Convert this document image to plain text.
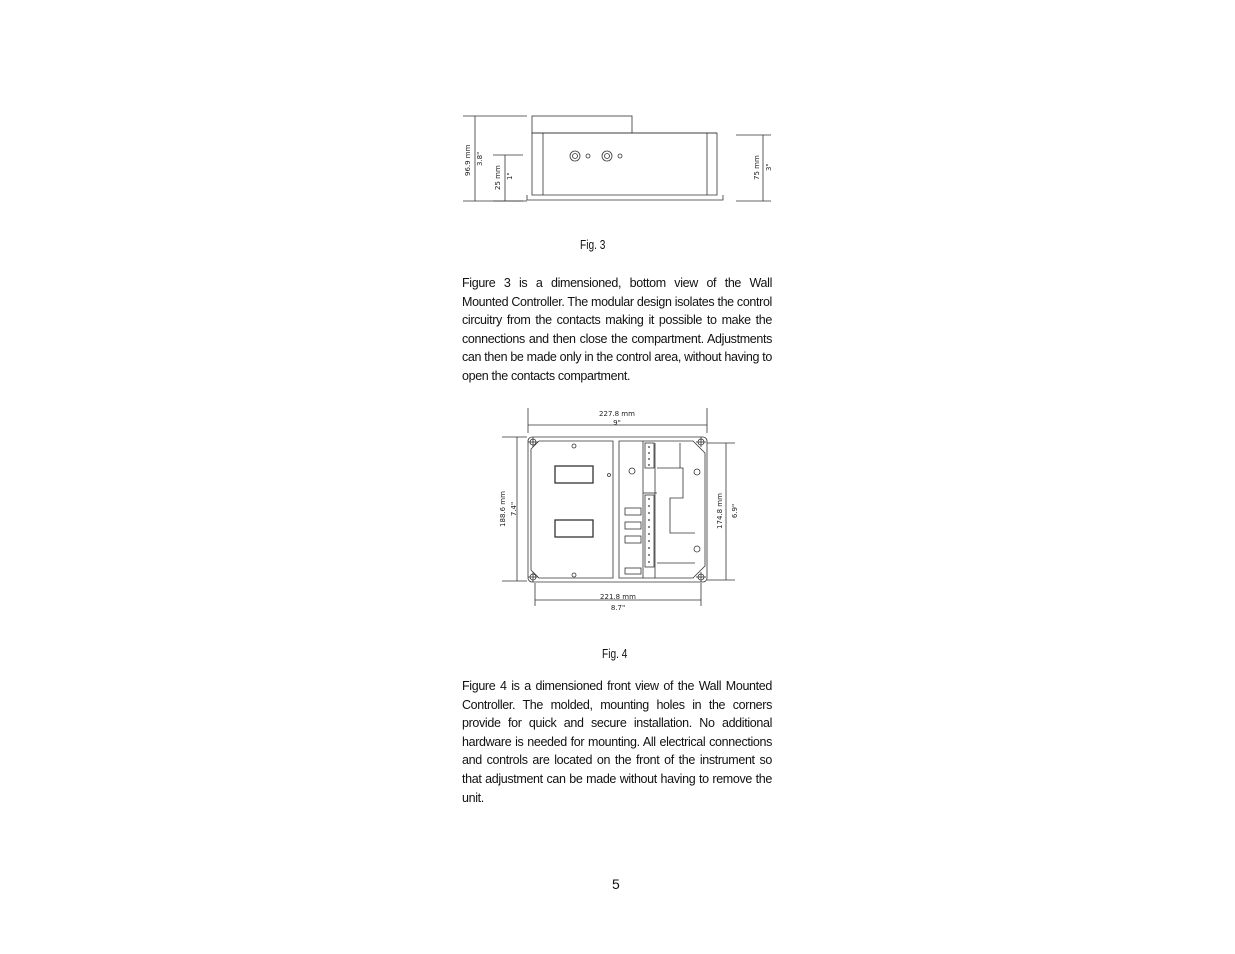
96.9 mm 3.8"
25 mm 1"	75 mm 3"
Fig. 3
Figure 3 is a dimensioned, bottom view of the Wall Mounted Controller. The modular design isolates the control circuitry from the contacts making it possible to make the connections and then close the compartment. Adjustments can then be made only in the control area, without having to open the contacts compartment.
227.8 mm
9"
221.8 mm
8.7"
188.6 mm 7.4"	174.8 mm 6.9"
Fig. 4
Figure 4 is a dimensioned front view of the Wall Mounted Controller. The molded, mounting holes in the corners provide for quick and secure installation. No additional hardware is needed for mounting. All electrical connections and controls are located on the front of the instrument so that adjustment can be made without having to remove the unit.
5
